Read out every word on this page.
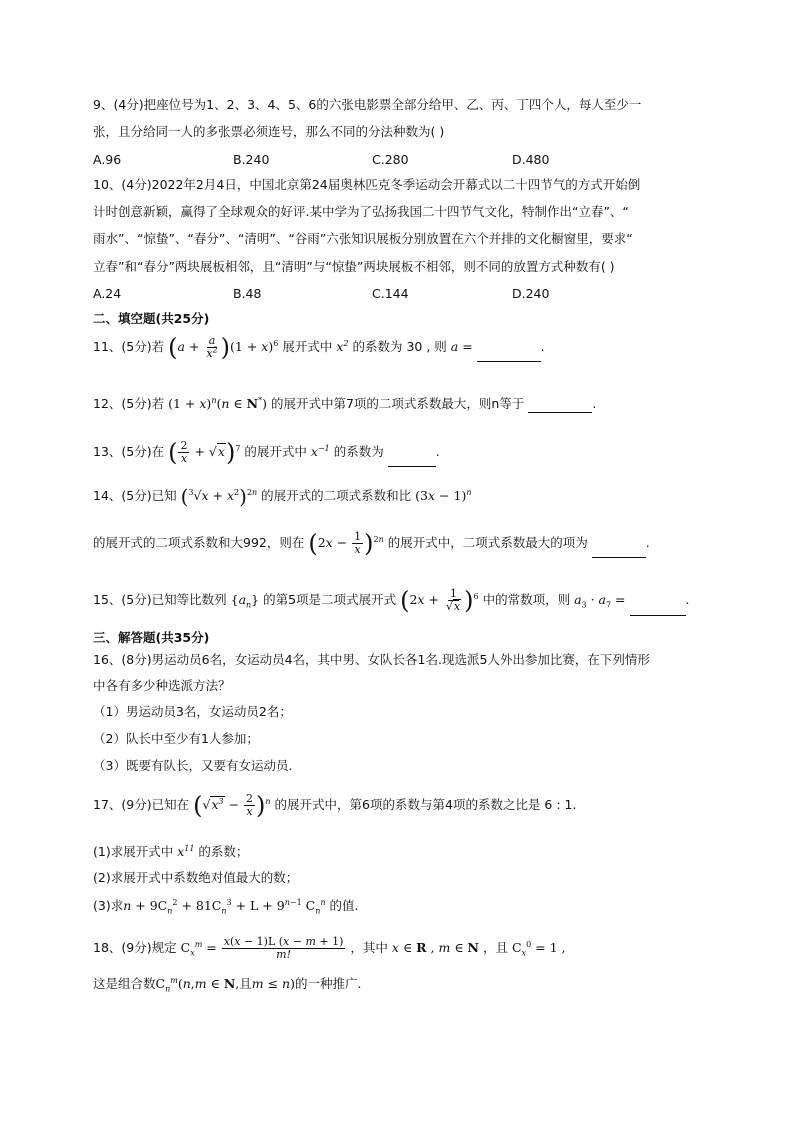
9、(4分)把座位号为1、2、3、4、5、6的六张电影票全部分给甲、乙、丙、丁四个人，每人至少一
张，且分给同一人的多张票必须连号，那么不同的分法种数为( )
A.96	B.240	C.280	D.480
10、(4分)2022年2月4日，中国北京第24届奥林匹克冬季运动会开幕式以二十四节气的方式开始倒
计时创意新颖，赢得了全球观众的好评.某中学为了弘扬我国二十四节气文化，特制作出“立春”、“
雨水”、“惊蛰”、“春分”、“清明”、“谷雨”六张知识展板分别放置在六个并排的文化橱窗里，要求“
立春”和“春分”两块展板相邻，且“清明”与“惊蛰”两块展板不相邻，则不同的放置方式种数有( )
A.24	B.48	C.144	D.240
二、填空题(共25分)
11、(5分)若 $(a + \frac{a}{x^2} )(1 + x)^6$ 展开式中 $x^2$ 的系数为 30 , 则 a =	.
12、(5分)若 $(1 + x)^n(n$ ∈ N*) 的展开式中第7项的二项式系数最大，则n等于	.
13、(5分)在 ( $\frac{2}{x} + √x)^7$ 的展开式中 $x^{-1}$ 的系数为	.
14、(5分)已知 $(^3√x + x^2)^{2n}$ 的展开式的二项式系数和比 $(3x - 1)^n$
的展开式的二项式系数和大992，则在 $(2x - \frac{1}{x} )^{2n}$ 的展开式中，二项式系数最大的项为	.
15、(5分)已知等比数列 $\{a_n\}$ 的第5项是二项式展开式 $(2x + \frac{1}{√x} )^6$ 中的常数项，则 $a_3 \cdot a_7$ =	.
三、解答题(共35分)
16、(8分)男运动员6名，女运动员4名，其中男、女队长各1名.现选派5人外出参加比赛，在下列情形
中各有多少种选派方法？
（1）男运动员3名，女运动员2名；
（2）队长中至少有1人参加；
（3）既要有队长，又要有女运动员.
17、(9分)已知在 $(√x^3 - \frac{2}{x} )^n$ 的展开式中，第6项的系数与第4项的系数之比是 6 : 1.
(1)求展开式中 $x^{11}$ 的系数；
(2)求展开式中系数绝对值最大的数；
(3)求$n + 9C_n^2 + 81C_n^3 + L + 9^{n-1}$ $C_n^n$ 的值.
18、(9分)规定 $C_x^m = \frac{x(x - 1)L (x - m + 1)}{m!}$ ，其中 x ∈ R , m ∈ N ，且 $C_x^0 = 1$ ,
这是组合数$C_n^m(n,m$ ∈ N,且m ≤ n)的一种推广.
